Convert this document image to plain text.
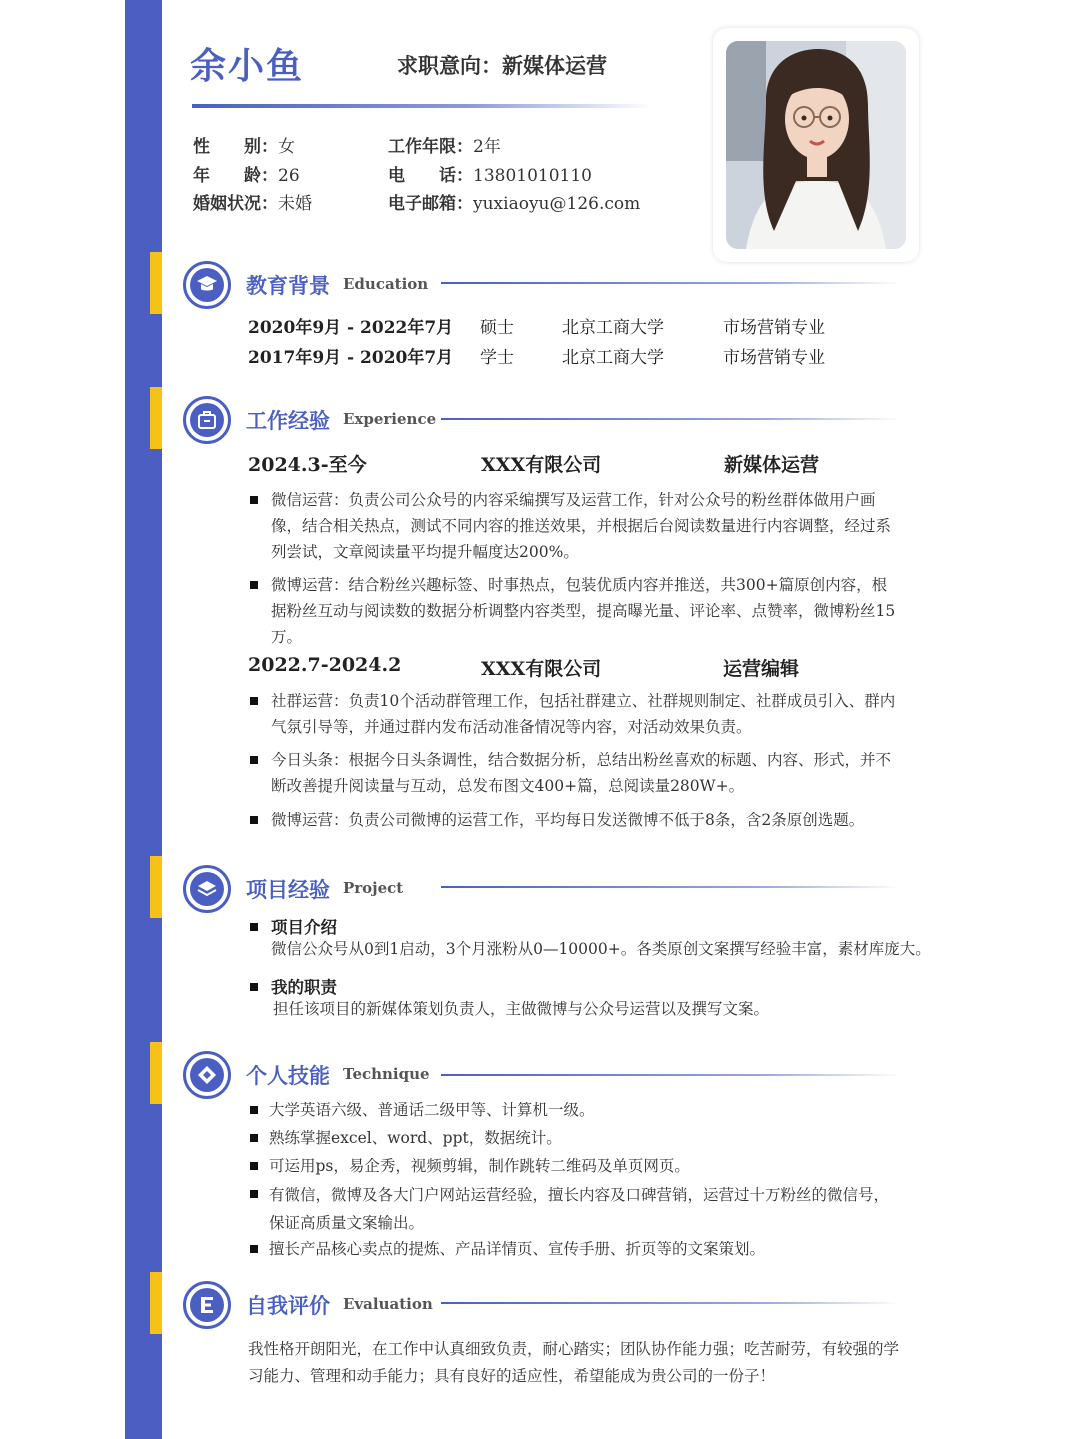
余小鱼	求职意向：新媒体运营
性　　别：女
年　　龄：26
婚姻状况：未婚
工作年限：2年
电　　话：13801010110
电子邮箱：yuxiaoyu@126.com
教育背景 Education
2020年9月 - 2022年7月 硕士	北京工商大学	市场营销专业
2017年9月 - 2020年7月 学士	北京工商大学	市场营销专业
工作经验 Experience
2024.3-至今	XXX有限公司	新媒体运营
微信运营：负责公司公众号的内容采编撰写及运营工作，针对公众号的粉丝群体做用户画像，结合相关热点，测试不同内容的推送效果，并根据后台阅读数量进行内容调整，经过系列尝试，文章阅读量平均提升幅度达200%。
微博运营：结合粉丝兴趣标签、时事热点，包装优质内容并推送，共300+篇原创内容，根据粉丝互动与阅读数的数据分析调整内容类型，提高曝光量、评论率、点赞率，微博粉丝15万。
2022.7-2024.2	XXX有限公司	运营编辑
社群运营：负责10个活动群管理工作，包括社群建立、社群规则制定、社群成员引入、群内气氛引导等，并通过群内发布活动准备情况等内容，对活动效果负责。
今日头条：根据今日头条调性，结合数据分析，总结出粉丝喜欢的标题、内容、形式，并不断改善提升阅读量与互动，总发布图文400+篇，总阅读量280W+。
微博运营：负责公司微博的运营工作，平均每日发送微博不低于8条，含2条原创选题。
项目经验 Project
项目介绍
微信公众号从0到1启动，3个月涨粉从0—10000+。各类原创文案撰写经验丰富，素材库庞大。
我的职责
担任该项目的新媒体策划负责人，主做微博与公众号运营以及撰写文案。
个人技能 Technique
大学英语六级、普通话二级甲等、计算机一级。
熟练掌握excel、word、ppt，数据统计。
可运用ps，易企秀，视频剪辑，制作跳转二维码及单页网页。
有微信，微博及各大门户网站运营经验，擅长内容及口碑营销，运营过十万粉丝的微信号，保证高质量文案输出。
擅长产品核心卖点的提炼、产品详情页、宣传手册、折页等的文案策划。
自我评价 Evaluation
我性格开朗阳光，在工作中认真细致负责，耐心踏实；团队协作能力强；吃苦耐劳，有较强的学习能力、管理和动手能力；具有良好的适应性，希望能成为贵公司的一份子！
